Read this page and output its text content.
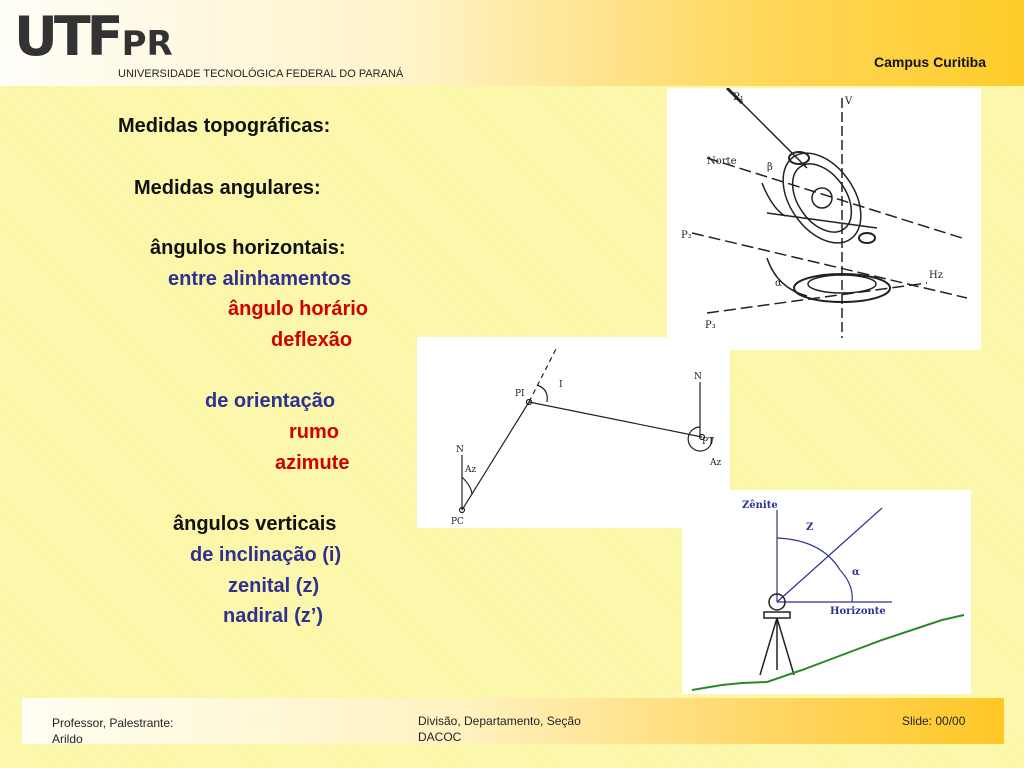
UTFPR
UNIVERSIDADE TECNOLÓGICA FEDERAL DO PARANÁ
Campus Curitiba
Medidas topográficas:
Medidas angulares:
ângulos horizontais:
entre alinhamentos
ângulo horário
deflexão
de orientação
rumo
azimute
ângulos verticais
de inclinação (i)
zenital (z)
nadiral (z’)
Norte
P₁
P₂
V
β
α
P₃
Hz
PC
PI
PT
N
N
Az
Az
I
Zênite
Z
α
Horizonte
Professor, Palestrante:
Arildo
Divisão, Departamento, Seção
DACOC
Slide: 00/00
